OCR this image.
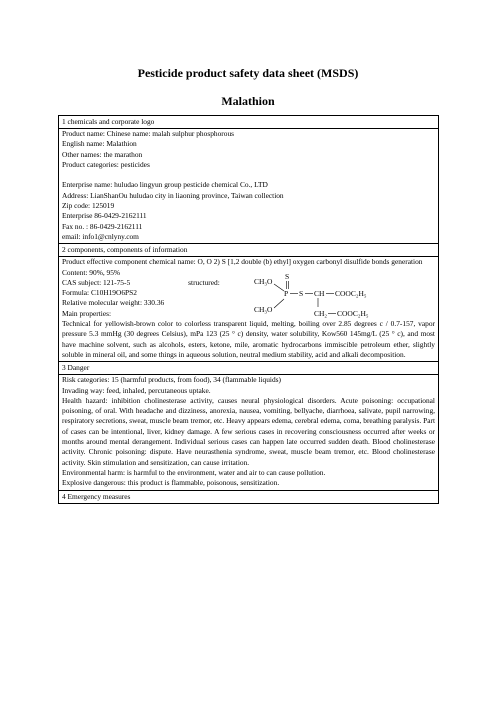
Pesticide product safety data sheet (MSDS)
Malathion
1 chemicals and corporate logo
Product name: Chinese name: malah sulphur phosphorous
English name: Malathion
Other names: the marathon
Product categories: pesticides
Enterprise name: huludao lingyun group pesticide chemical Co., LTD
Address: LianShanOu huludao city in liaoning province, Taiwan collection
Zip code: 125019
Enterprise 86-0429-2162111
Fax no. : 86-0429-2162111
email: info1@cnlyny.com
2 components, components of information
Product effective component chemical name: O, O 2) S [1,2 double (b) ethyl] oxygen carbonyl disulfide bonds generation
Content: 90%, 95%
CAS subject: 121-75-5	structured:	CH₃O
S
P S CH COOC₂H₅
CH₃O	CH₂ COOC₂H₅
Formula: C10H19O6PS2
Relative molecular weight: 330.36
Main properties:
Technical for yellowish-brown color to colorless transparent liquid, melting, boiling over 2.85 degrees c / 0.7-157, vapor pressure 5.3 mmHg (30 degrees Celsius), mPa 123 (25 ° c) density, water solubility, Kow560 145mg/L (25 ° c), and most have machine solvent, such as alcohols, esters, ketone, mile, aromatic hydrocarbons immiscible petroleum ether, slightly soluble in mineral oil, and some things in aqueous solution, neutral medium stability, acid and alkali decomposition.
3 Danger
Risk categories: 15 (harmful products, from food), 34 (flammable liquids)
Invading way: feed, inhaled, percutaneous uptake.
Health hazard: inhibition cholinesterase activity, causes neural physiological disorders. Acute poisoning: occupational poisoning, of oral. With headache and dizziness, anorexia, nausea, vomiting, bellyache, diarrhoea, salivate, pupil narrowing, respiratory secretions, sweat, muscle beam tremor, etc. Heavy appears edema, cerebral edema, coma, breathing paralysis. Part of cases can be intentional, liver, kidney damage. A few serious cases in recovering consciousness occurred after weeks or months around mental derangement. Individual serious cases can happen late occurred sudden death. Blood cholinesterase activity. Chronic poisoning: dispute. Have neurasthenia syndrome, sweat, muscle beam tremor, etc. Blood cholinesterase activity. Skin stimulation and sensitization, can cause irritation.
Environmental harm: is harmful to the environment, water and air to can cause pollution.
Explosive dangerous: this product is flammable, poisonous, sensitization.
4 Emergency measures
